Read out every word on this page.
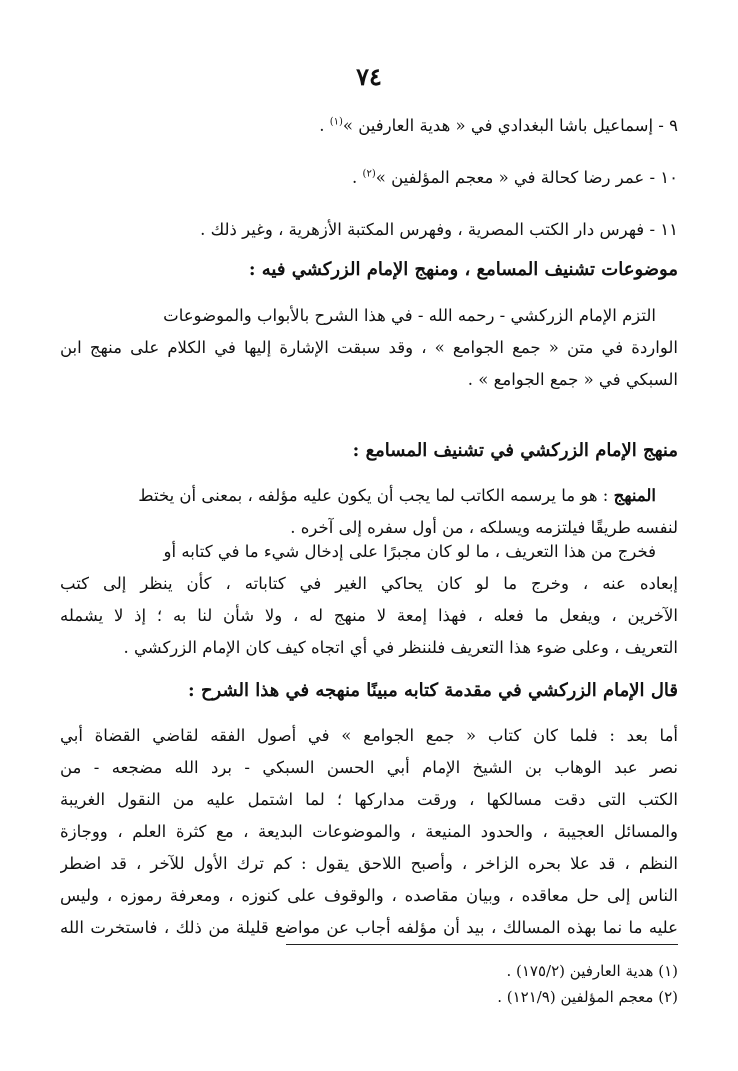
٧٤
٩ - إسماعيل باشا البغدادي في « هدية العارفين »$^{(١)}$ .
١٠ - عمر رضا كحالة في « معجم المؤلفين »$^{(٢)}$ .
١١ - فهرس دار الكتب المصرية ، وفهرس المكتبة الأزهرية ، وغير ذلك .
موضوعات تشنيف المسامع ، ومنهج الإمام الزركشي فيه :
التزم الإمام الزركشي - رحمه الله - في هذا الشرح بالأبواب والموضوعات
الواردة في متن « جمع الجوامع » ، وقد سبقت الإشارة إليها في الكلام على منهج ابن
السبكي في « جمع الجوامع » .
منهج الإمام الزركشي في تشنيف المسامع :
المنهج : هو ما يرسمه الكاتب لما يجب أن يكون عليه مؤلفه ، بمعنى أن يختط
لنفسه طريقًا فيلتزمه ويسلكه ، من أول سفره إلى آخره .
فخرج من هذا التعريف ، ما لو كان مجبرًا على إدخال شيء ما في كتابه أو
إبعاده عنه ، وخرج ما لو كان يحاكي الغير في كتاباته ، كأن ينظر إلى كتب
الآخرين ، ويفعل ما فعله ، فهذا إمعة لا منهج له ، ولا شأن لنا به ؛ إذ لا يشمله
التعريف ، وعلى ضوء هذا التعريف فلننظر في أي اتجاه كيف كان الإمام الزركشي .
قال الإمام الزركشي في مقدمة كتابه مبينًا منهجه في هذا الشرح :
أما بعد : فلما كان كتاب « جمع الجوامع » في أصول الفقه لقاضي القضاة أبي
نصر عبد الوهاب بن الشيخ الإمام أبي الحسن السبكي - برد الله مضجعه - من
الكتب التى دقت مسالكها ، ورقت مداركها ؛ لما اشتمل عليه من النقول الغريبة
والمسائل العجيبة ، والحدود المنيعة ، والموضوعات البديعة ، مع كثرة العلم ، ووجازة
النظم ، قد علا بحره الزاخر ، وأصبح اللاحق يقول : كم ترك الأول للآخر ، قد اضطر
الناس إلى حل معاقده ، وبيان مقاصده ، والوقوف على كنوزه ، ومعرفة رموزه ، وليس
عليه ما نما بهذه المسالك ، بيد أن مؤلفه أجاب عن مواضع قليلة من ذلك ، فاستخرت الله
(١) هدية العارفين (١٧٥/٢) .
(٢) معجم المؤلفين (١٢١/٩) .
